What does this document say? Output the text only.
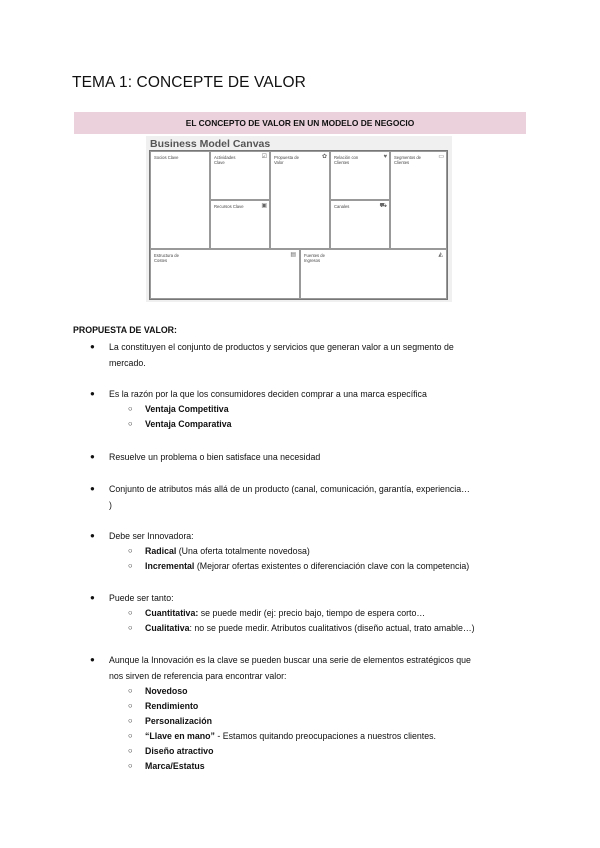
TEMA 1: CONCEPTE DE VALOR
EL CONCEPTO DE VALOR EN UN MODELO DE NEGOCIO
Business Model Canvas
Socios Clave	Actividades Clave
☑
Recursos Clave	▣
Propuesta de Valor
✿ Relación con Clientes
♥
Canales	⛟
Segmentos de Clientes
▭
Estructura de Costes
▤ Fuentes de Ingresos
◭
PROPUESTA DE VALOR:
● La constituyen el conjunto de productos y servicios que generan valor a un segmento de
mercado.
● Es la razón por la que los consumidores deciden comprar a una marca específica
○ Ventaja Competitiva
○ Ventaja Comparativa
● Resuelve un problema o bien satisface una necesidad
● Conjunto de atributos más allá de un producto (canal, comunicación, garantía, experiencia…
)
● Debe ser Innovadora:
○ Radical (Una oferta totalmente novedosa)
○ Incremental (Mejorar ofertas existentes o diferenciación clave con la competencia)
● Puede ser tanto:
○ Cuantitativa: se puede medir (ej: precio bajo, tiempo de espera corto…
○ Cualitativa: no se puede medir. Atributos cualitativos (diseño actual, trato amable…)
● Aunque la Innovación es la clave se pueden buscar una serie de elementos estratégicos que
nos sirven de referencia para encontrar valor:
○ Novedoso
○ Rendimiento
○ Personalización
○ “Llave en mano” - Estamos quitando preocupaciones a nuestros clientes.
○ Diseño atractivo
○ Marca/Estatus
